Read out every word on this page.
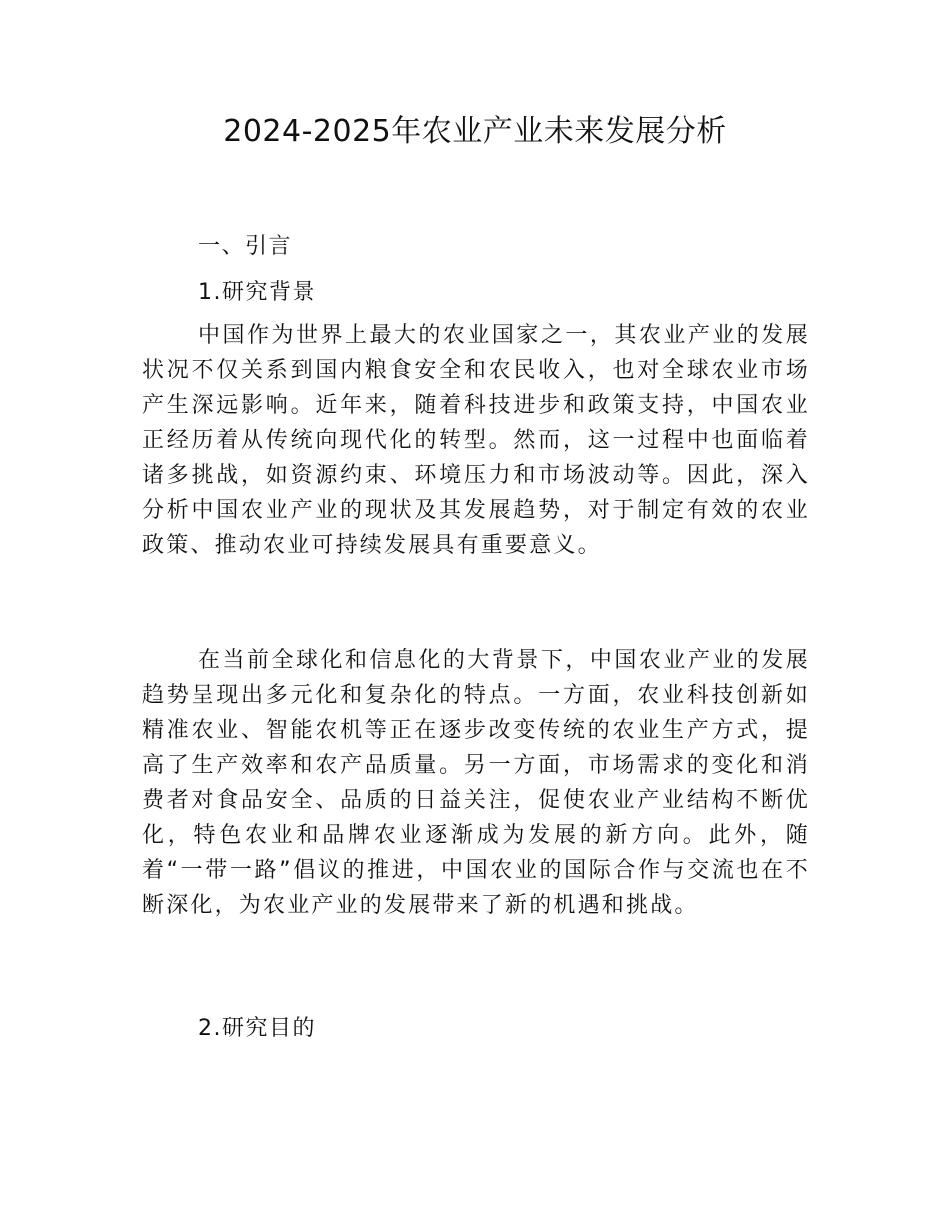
2024-2025年农业产业未来发展分析
一、引言
1.研究背景

中国作为世界上最大的农业国家之一，其农业产业的发展状况不仅关系到国内粮食安全和农民收入，也对全球农业市场产生深远影响。近年来，随着科技进步和政策支持，中国农业正经历着从传统向现代化的转型。然而，这一过程中也面临着诸多挑战，如资源约束、环境压力和市场波动等。因此，深入分析中国农业产业的现状及其发展趋势，对于制定有效的农业政策、推动农业可持续发展具有重要意义。

在当前全球化和信息化的大背景下，中国农业产业的发展趋势呈现出多元化和复杂化的特点。一方面，农业科技创新如精准农业、智能农机等正在逐步改变传统的农业生产方式，提高了生产效率和农产品质量。另一方面，市场需求的变化和消费者对食品安全、品质的日益关注，促使农业产业结构不断优化，特色农业和品牌农业逐渐成为发展的新方向。此外，随着“一带一路”倡议的推进，中国农业的国际合作与交流也在不断深化，为农业产业的发展带来了新的机遇和挑战。

2.研究目的
